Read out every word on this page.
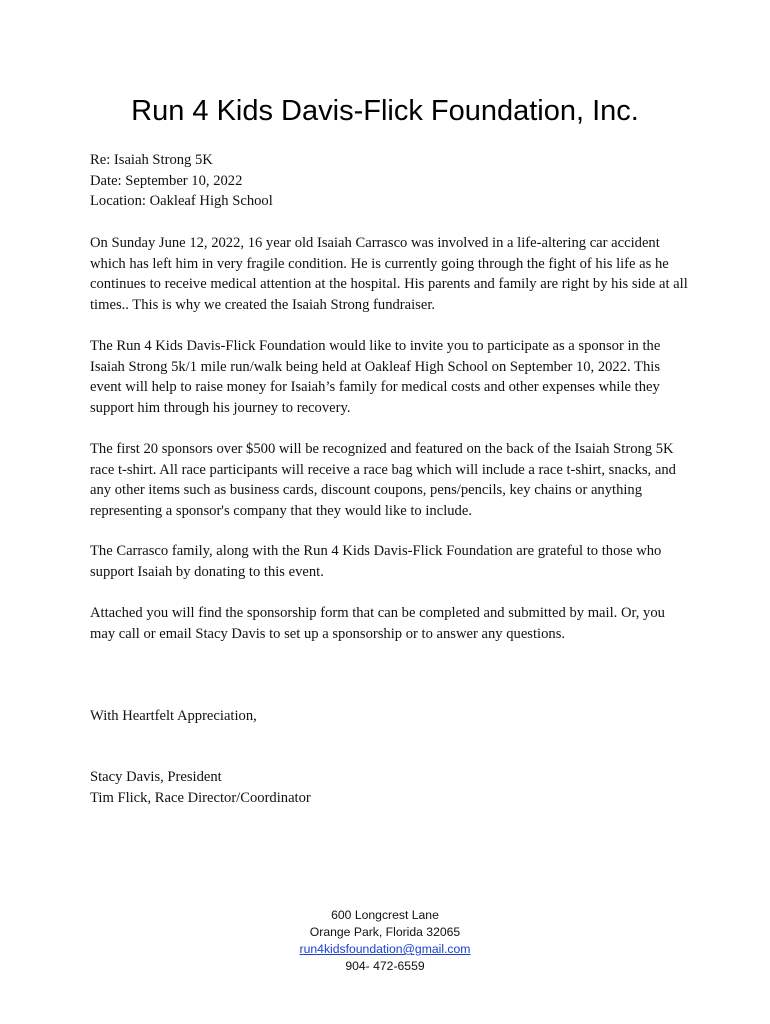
Run 4 Kids Davis-Flick Foundation, Inc.
Re: Isaiah Strong 5K
Date: September 10, 2022
Location: Oakleaf High School

On Sunday June 12, 2022, 16 year old Isaiah Carrasco was involved in a life-altering car accident which has left him in very fragile condition. He is currently going through the fight of his life as he continues to receive medical attention at the hospital. His parents and family are right by his side at all times.. This is why we created the Isaiah Strong fundraiser.

The Run 4 Kids Davis-Flick Foundation would like to invite you to participate as a sponsor in the Isaiah Strong 5k/1 mile run/walk being held at Oakleaf High School on September 10, 2022. This event will help to raise money for Isaiah’s family for medical costs and other expenses while they support him through his journey to recovery.

The first 20 sponsors over $500 will be recognized and featured on the back of the Isaiah Strong 5K race t-shirt. All race participants will receive a race bag which will include a race t-shirt, snacks, and any other items such as business cards, discount coupons, pens/pencils, key chains or anything representing a sponsor's company that they would like to include.

The Carrasco family, along with the Run 4 Kids Davis-Flick Foundation are grateful to those who support Isaiah by donating to this event.

Attached you will find the sponsorship form that can be completed and submitted by mail. Or, you may call or email Stacy Davis to set up a sponsorship or to answer any questions.

With Heartfelt Appreciation,
Stacy Davis, President
Tim Flick, Race Director/Coordinator
600 Longcrest Lane
Orange Park, Florida 32065
run4kidsfoundation@gmail.com
904- 472-6559
